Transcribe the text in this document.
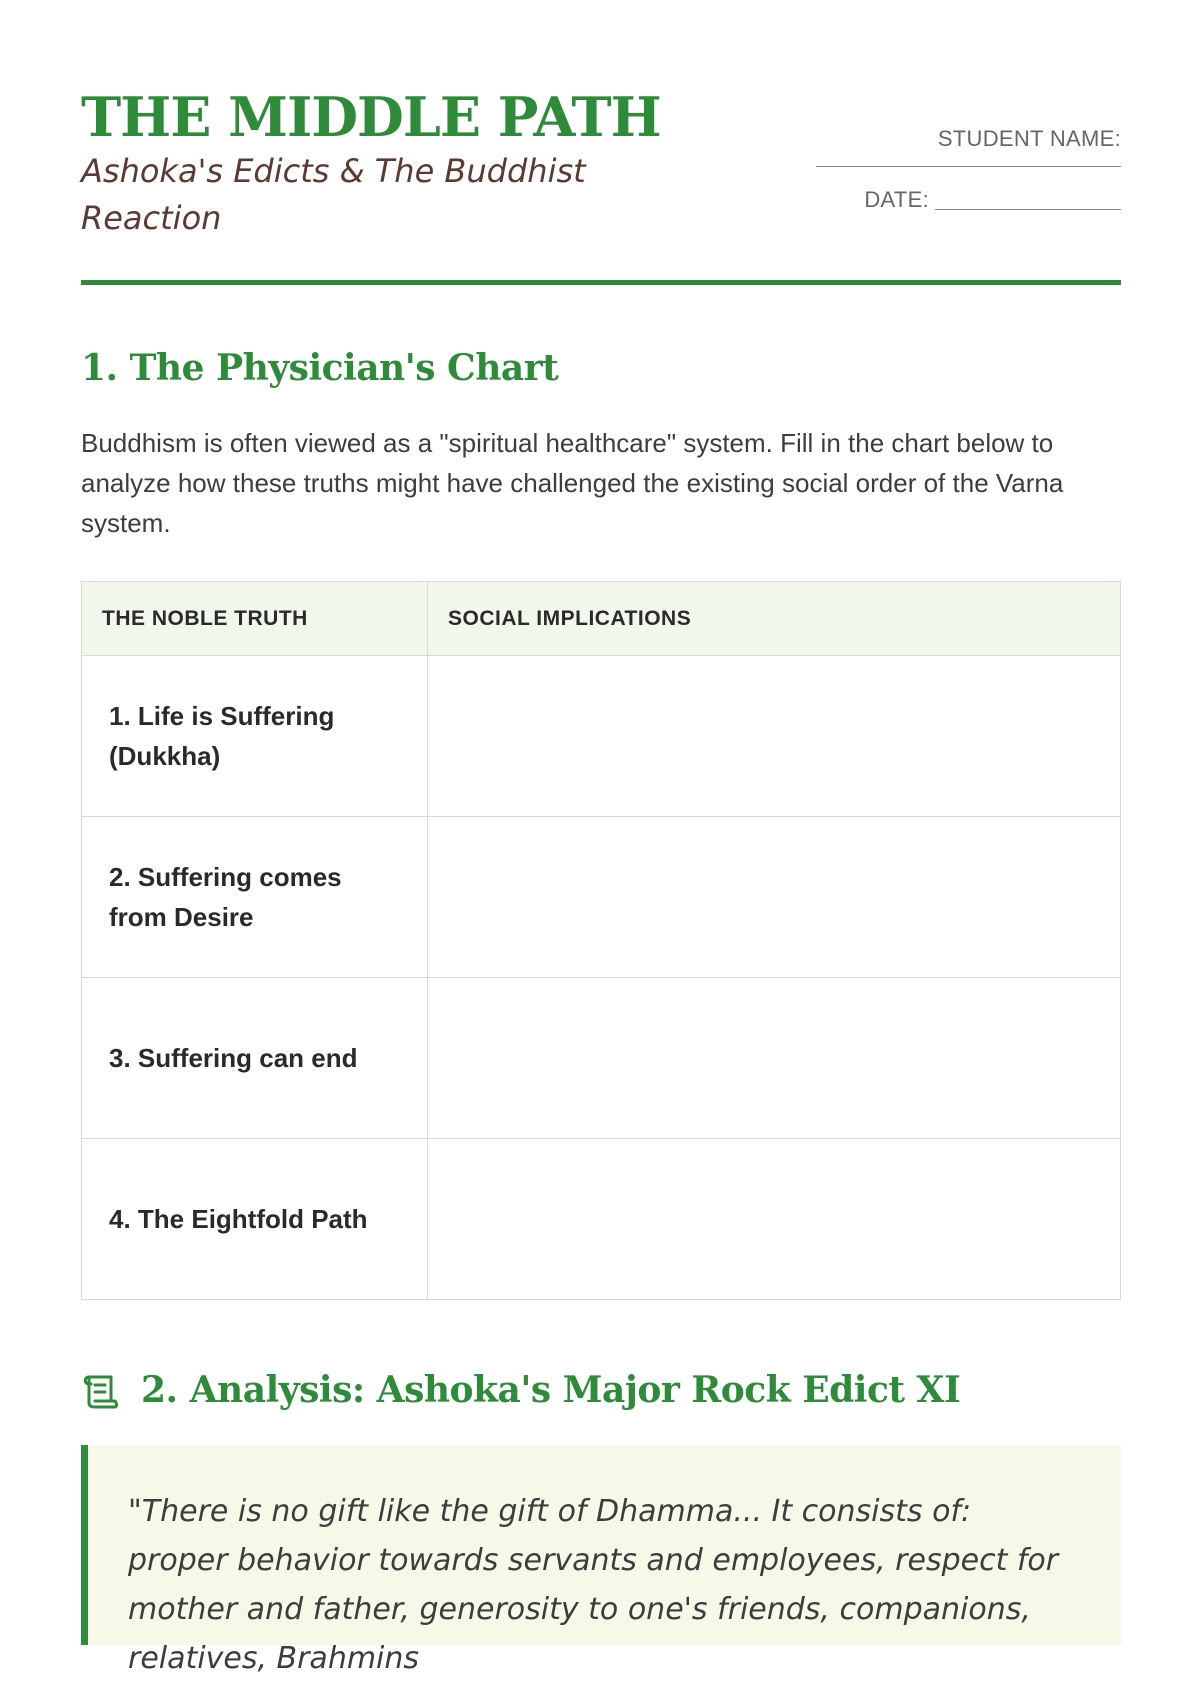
THE MIDDLE PATH
Ashoka's Edicts & The Buddhist Reaction
STUDENT NAME:
DATE:
1. The Physician's Chart

Buddhism is often viewed as a "spiritual healthcare" system. Fill in the chart below to analyze how these truths might have challenged the existing social order of the Varna system.

THE NOBLE TRUTH	SOCIAL IMPLICATIONS
1. Life is Suffering (Dukkha)	
2. Suffering comes from Desire	
3. Suffering can end	
4. The Eightfold Path	
2. Analysis: Ashoka's Major Rock Edict XI

"There is no gift like the gift of Dhamma... It consists of: proper behavior towards servants and employees, respect for mother and father, generosity to one's friends, companions, relatives, Brahmins
